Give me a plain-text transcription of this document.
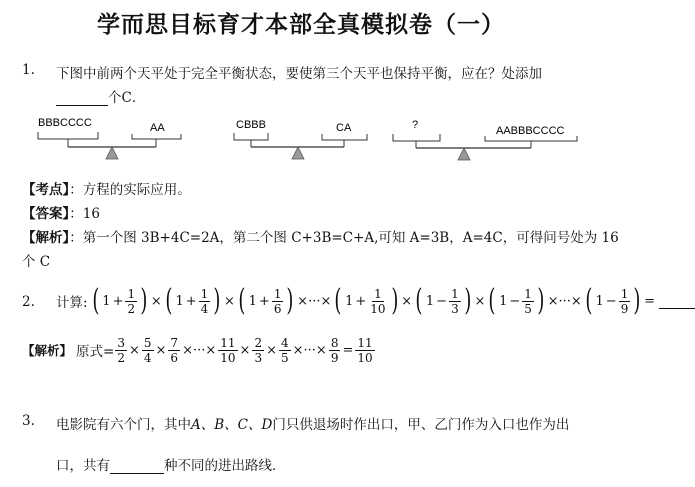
学而思目标育才本部全真模拟卷（一）
1. 下图中前两个天平处于完全平衡状态，要使第三个天平也保持平衡，应在？处添加
个C．
BBBCCCC	AA	CBBB	CA	?	AABBBCCCC
【考点】：方程的实际应用。
【答案】：16
【解析】：第一个图 3B+4C=2A，第二个图 C+3B=C+A,可知 A=3B，A=4C，可得问号处为 16
个 C
2. 计算: ( $1 + \frac{1}{2}$ ) × ( $1 + \frac{1}{4}$ ) × ( $1 + \frac{1}{6}$ ) ×···× ( $1 + \frac{1}{10}$ ) × ( $1 - \frac{1}{3}$ ) × ( $1 - \frac{1}{5}$ ) ×···× ( $1 - \frac{1}{9}$ ) =
【解析】 原式= $\frac{3}{2} \times \frac{5}{4} \times \frac{7}{6}$ ×···× $\frac{11}{10} \times \frac{2}{3} \times \frac{4}{5}$ ×···× $\frac{8}{9} = \frac{11}{10}$
3. 电影院有六个门，其中A、B、C、D门只供退场时作出口，甲、乙门作为入口也作为出
口，共有	种不同的进出路线．
